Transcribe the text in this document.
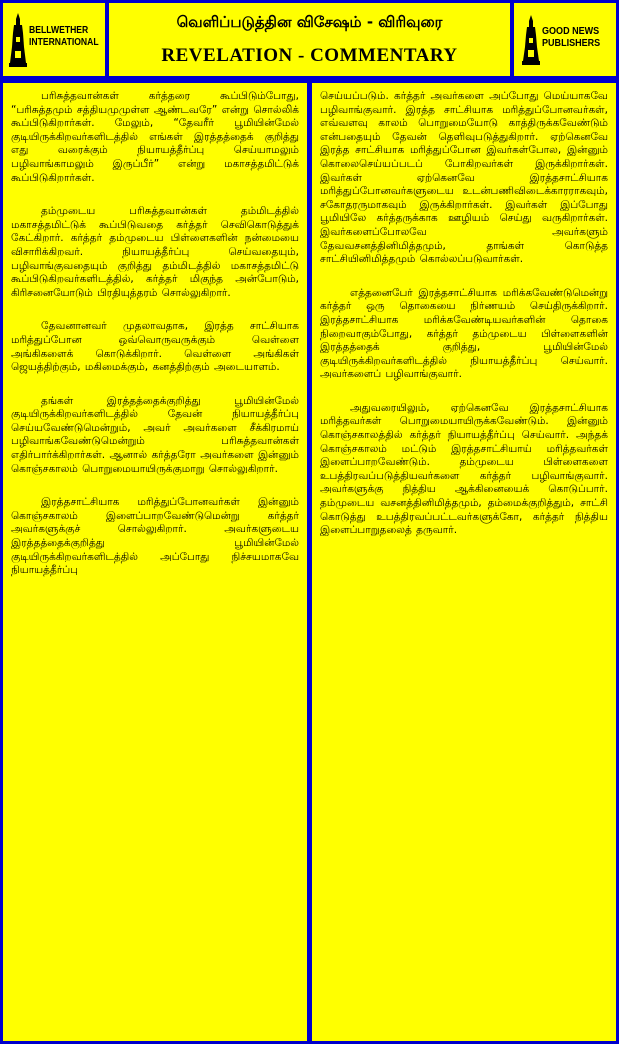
BELLWETHER
INTERNATIONAL
வெளிப்படுத்தின விசேஷம் - விரிவுரை
REVELATION - COMMENTARY
GOOD NEWS
PUBLISHERS

பரிசுத்தவான்கள் கர்த்தரை கூப்பிடும்போது, “பரிசுத்தமும் சத்தியமுமுள்ள ஆண்டவரே” என்று சொல்லிக் கூப்பிடுகிறார்கள். மேலும், “தேவரீர் பூமியின்மேல் குடியிருக்கிறவர்களிடத்தில் எங்கள் இரத்தத்தைக் குறித்து எது வரைக்கும் நியாயத்தீர்ப்பு செய்யாமலும் பழிவாங்காமலும் இருப்பீர்” என்று மகாசத்தமிட்டுக் கூப்பிடுகிறார்கள்.

தம்முடைய பரிசுத்தவான்கள் தம்மிடத்தில் மகாசத்தமிட்டுக் கூப்பிடுவதை கர்த்தர் செவிகொடுத்துக் கேட்கிறார். கர்த்தர் தம்முடைய பிள்ளைகளின் நன்மையை விசாரிக்கிறவர். நியாயத்தீர்ப்பு செய்வதையும், பழிவாங்குவதையும் குறித்து தம்மிடத்தில் மகாசத்தமிட்டு கூப்பிடுகிறவர்களிடத்தில், கர்த்தர் மிகுந்த அன்போடும், கிரிசனையோடும் பிரதியுத்தரம் சொல்லுகிறார்.

தேவனானவர் முதலாவதாக, இரத்த சாட்சியாக மரித்துப்போன ஒவ்வொருவருக்கும் வெள்ளை அங்கிகளைக் கொடுக்கிறார். வெள்ளை அங்கிகள் ஜெயத்திற்கும், மகிமைக்கும், கனத்திற்கும் அடையாளம்.

தங்கள் இரத்தத்தைக்குறித்து பூமியின்மேல் குடியிருக்கிறவர்களிடத்தில் தேவன் நியாயத்தீர்ப்பு செய்யவேண்டுமென்றும், அவர் அவர்களை சீக்கிரமாய் பழிவாங்கவேண்டுமென்றும் பரிசுத்தவான்கள் எதிர்பார்க்கிறார்கள். ஆனால் கர்த்தரோ அவர்களை இன்னும் கொஞ்சகாலம் பொறுமையாயிருக்குமாறு சொல்லுகிறார்.

இரத்தசாட்சியாக மரித்துப்போனவர்கள் இன்னும் கொஞ்சகாலம் இளைப்பாறவேண்டுமென்று கர்த்தர் அவர்களுக்குச் சொல்லுகிறார். அவர்களுடைய இரத்தத்தைக்குறித்து பூமியின்மேல் குடியிருக்கிறவர்களிடத்தில் அப்போது நிச்சயமாகவே நியாயத்தீர்ப்பு

செய்யப்படும். கர்த்தர் அவர்களை அப்போது மெய்யாகவே பழிவாங்குவார். இரத்த சாட்சியாக மரித்துப்போனவர்கள், எவ்வளவு காலம் பொறுமையோடு காத்திருக்கவேண்டும் என்பதையும் தேவன் தெளிவுபடுத்துகிறார். ஏற்கெனவே இரத்த சாட்சியாக மரித்துப்போன இவர்கள்போல, இன்னும் கொலைசெய்யப்படப் போகிறவர்கள் இருக்கிறார்கள். இவர்கள் ஏற்கெனவே இரத்தசாட்சியாக மரித்துப்போனவர்களுடைய உடன்பணிவிடைக்காரராகவும், சகோதரருமாகவும் இருக்கிறார்கள். இவர்கள் இப்போது பூமியிலே கர்த்தருக்காக ஊழியம் செய்து வருகிறார்கள். இவர்களைப்போலவே அவர்களும் தேவவசனத்தினிமித்தமும், தாங்கள் கொடுத்த சாட்சியினிமித்தமும் கொல்லப்படுவார்கள்.

எத்தனைபேர் இரத்தசாட்சியாக மரிக்கவேண்டுமென்று கர்த்தர் ஒரு தொகையை நிர்ணயம் செய்திருக்கிறார். இரத்தசாட்சியாக மரிக்கவேண்டியவர்களின் தொகை நிறைவாகும்போது, கர்த்தர் தம்முடைய பிள்ளைகளின் இரத்தத்தைக் குறித்து, பூமியின்மேல் குடியிருக்கிறவர்களிடத்தில் நியாயத்தீர்ப்பு செய்வார். அவர்களைப் பழிவாங்குவார்.

அதுவரையிலும், ஏற்கெனவே இரத்தசாட்சியாக மரித்தவர்கள் பொறுமையாயிருக்கவேண்டும். இன்னும் கொஞ்சகாலத்தில் கர்த்தர் நியாயத்தீர்ப்பு செய்வார். அந்தக் கொஞ்சகாலம் மட்டும் இரத்தசாட்சியாய் மரித்தவர்கள் இளைப்பாறவேண்டும். தம்முடைய பிள்ளைகளை உபத்திரவப்படுத்தியவர்களை கர்த்தர் பழிவாங்குவார். அவர்களுக்கு நித்திய ஆக்கினையைக் கொடுப்பார். தம்முடைய வசனத்தினிமித்தமும், தம்மைக்குறித்தும், சாட்சி கொடுத்து உபத்திரவப்பட்டவர்களுக்கோ, கர்த்தர் நித்திய இளைப்பாறுதலைத் தருவார்.
